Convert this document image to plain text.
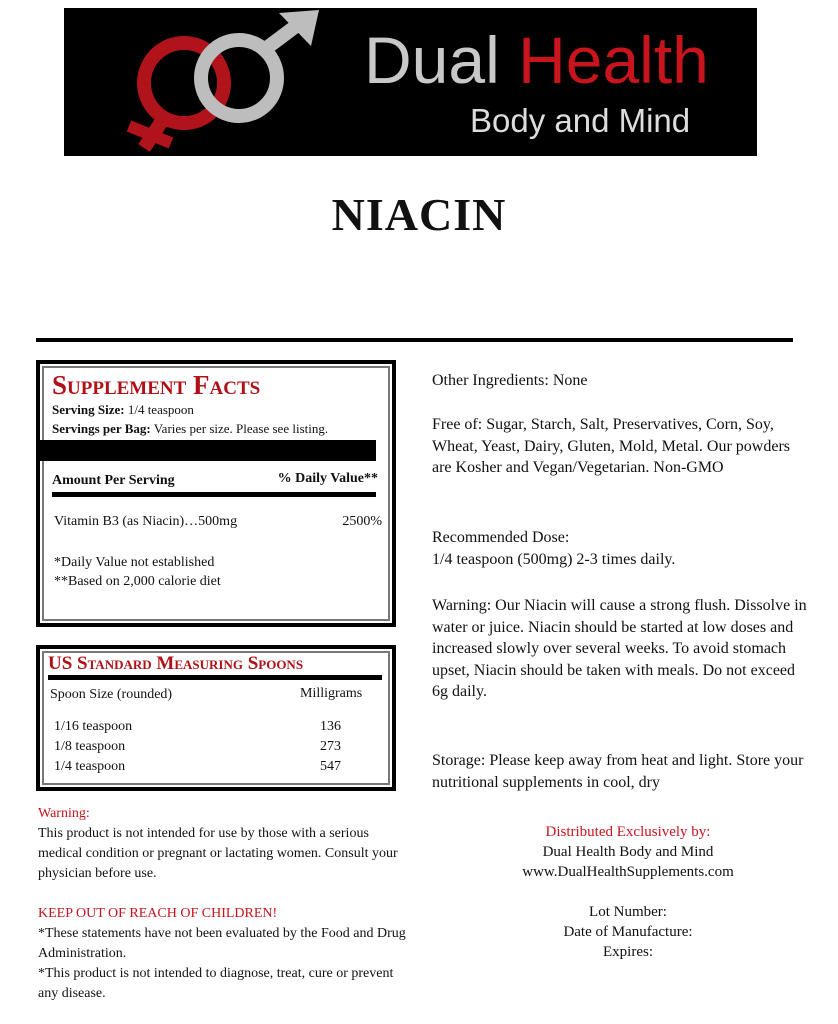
Dual Health
Body and Mind
NIACIN
Supplement Facts
Serving Size: 1/4 teaspoon
Servings per Bag: Varies per size. Please see listing.
Amount Per Serving	% Daily Value**
Vitamin B3 (as Niacin)…500mg	2500%
*Daily Value not established
**Based on 2,000 calorie diet
US Standard Measuring Spoons
Spoon Size (rounded)	Milligrams
1/16 teaspoon	136
1/8 teaspoon	273
1/4 teaspoon	547
Warning:
This product is not intended for use by those with a serious medical condition or pregnant or lactating women. Consult your physician before use.
KEEP OUT OF REACH OF CHILDREN!
*These statements have not been evaluated by the Food and Drug Administration.
*This product is not intended to diagnose, treat, cure or prevent any disease.
Other Ingredients: None
Free of: Sugar, Starch, Salt, Preservatives, Corn, Soy, Wheat, Yeast, Dairy, Gluten, Mold, Metal. Our powders are Kosher and Vegan/Vegetarian. Non-GMO
Recommended Dose:
1/4 teaspoon (500mg) 2-3 times daily.
Warning: Our Niacin will cause a strong flush. Dissolve in water or juice. Niacin should be started at low doses and increased slowly over several weeks. To avoid stomach upset, Niacin should be taken with meals. Do not exceed 6g daily.
Storage: Please keep away from heat and light. Store your nutritional supplements in cool, dry
Distributed Exclusively by:
Dual Health Body and Mind
www.DualHealthSupplements.com
Lot Number:
Date of Manufacture:
Expires:
